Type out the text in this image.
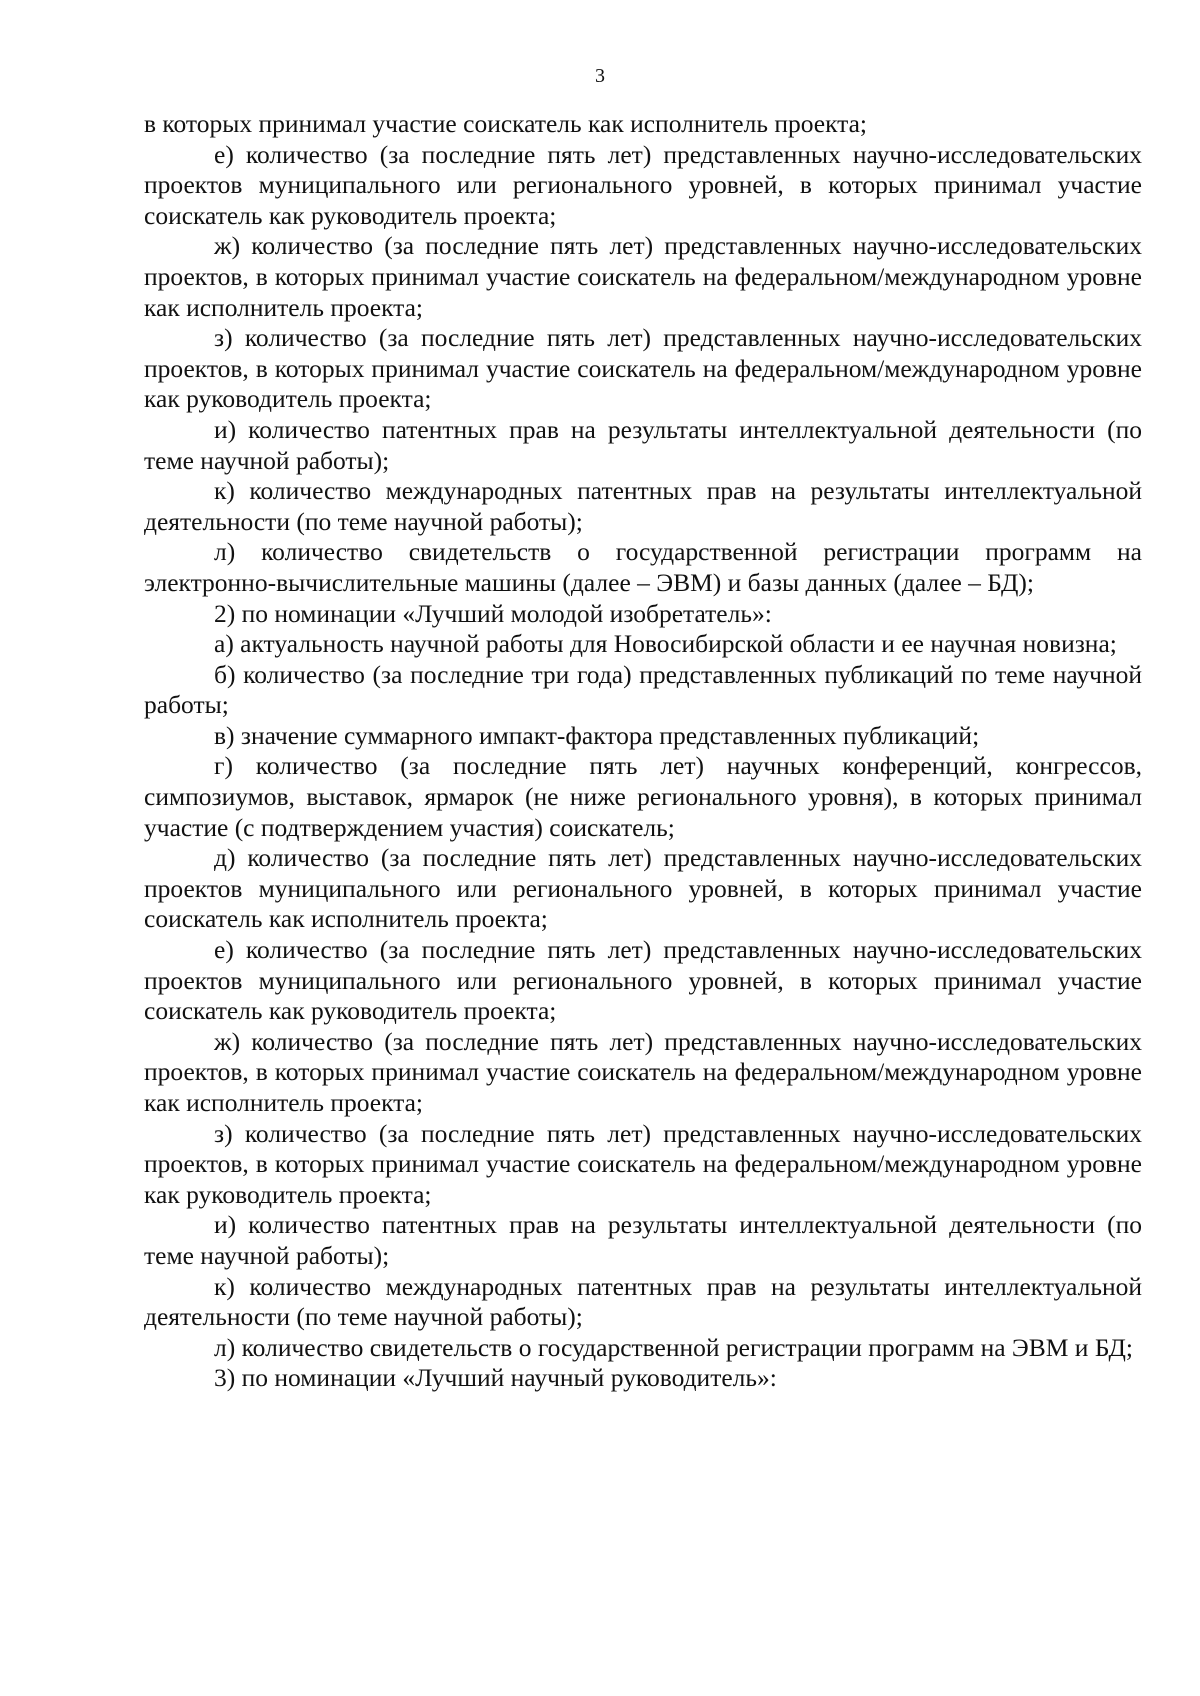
3

в которых принимал участие соискатель как исполнитель проекта;

е) количество (за последние пять лет) представленных научно-исследовательских проектов муниципального или регионального уровней, в которых принимал участие соискатель как руководитель проекта;

ж) количество (за последние пять лет) представленных научно-исследовательских проектов, в которых принимал участие соискатель на федеральном/международном уровне как исполнитель проекта;

з) количество (за последние пять лет) представленных научно-исследовательских проектов, в которых принимал участие соискатель на федеральном/международном уровне как руководитель проекта;

и) количество патентных прав на результаты интеллектуальной деятельности (по теме научной работы);

к) количество международных патентных прав на результаты интеллектуальной деятельности (по теме научной работы);

л) количество свидетельств о государственной регистрации программ на электронно-вычислительные машины (далее – ЭВМ) и базы данных (далее – БД);

2) по номинации «Лучший молодой изобретатель»:

а) актуальность научной работы для Новосибирской области и ее научная новизна;

б) количество (за последние три года) представленных публикаций по теме научной работы;

в) значение суммарного импакт-фактора представленных публикаций;

г) количество (за последние пять лет) научных конференций, конгрессов, симпозиумов, выставок, ярмарок (не ниже регионального уровня), в которых принимал участие (с подтверждением участия) соискатель;

д) количество (за последние пять лет) представленных научно-исследовательских проектов муниципального или регионального уровней, в которых принимал участие соискатель как исполнитель проекта;

е) количество (за последние пять лет) представленных научно-исследовательских проектов муниципального или регионального уровней, в которых принимал участие соискатель как руководитель проекта;

ж) количество (за последние пять лет) представленных научно-исследовательских проектов, в которых принимал участие соискатель на федеральном/международном уровне как исполнитель проекта;

з) количество (за последние пять лет) представленных научно-исследовательских проектов, в которых принимал участие соискатель на федеральном/международном уровне как руководитель проекта;

и) количество патентных прав на результаты интеллектуальной деятельности (по теме научной работы);

к) количество международных патентных прав на результаты интеллектуальной деятельности (по теме научной работы);

л) количество свидетельств о государственной регистрации программ на ЭВМ и БД;

3) по номинации «Лучший научный руководитель»:
